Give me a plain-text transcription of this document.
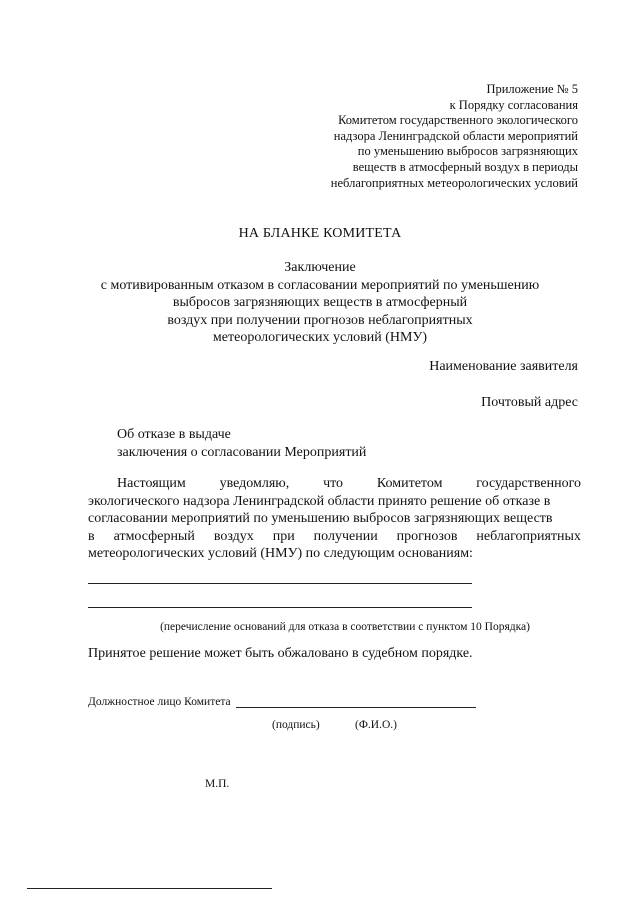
Приложение № 5
к Порядку согласования
Комитетом государственного экологического
надзора Ленинградской области мероприятий
по уменьшению выбросов загрязняющих
веществ в атмосферный воздух в периоды
неблагоприятных метеорологических условий
НА БЛАНКЕ КОМИТЕТА
Заключение
с мотивированным отказом в согласовании мероприятий по уменьшению
выбросов загрязняющих веществ в атмосферный
воздух при получении прогнозов неблагоприятных
метеорологических условий (НМУ)
Наименование заявителя
Почтовый адрес
Об отказе в выдаче
заключения о согласовании Мероприятий
Настоящим уведомляю, что Комитетом государственного
экологического надзора Ленинградской области принято решение об отказе в
согласовании мероприятий по уменьшению выбросов загрязняющих веществ
в атмосферный воздух при получении прогнозов неблагоприятных
метеорологических условий (НМУ) по следующим основаниям:
(перечисление оснований для отказа в соответствии с пунктом 10 Порядка)
Принятое решение может быть обжаловано в судебном порядке.
Должностное лицо Комитета
(подпись)	(Ф.И.О.)
М.П.
